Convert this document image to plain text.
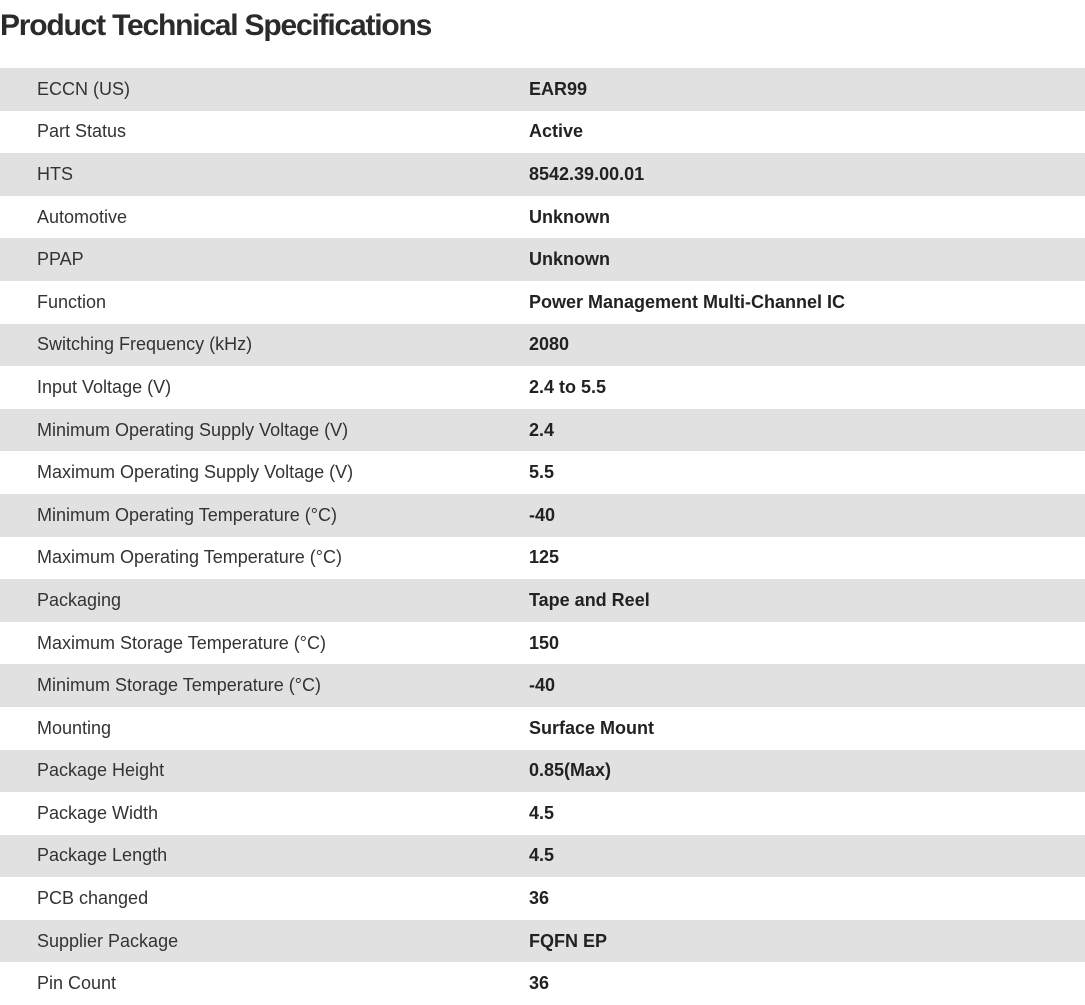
Product Technical Specifications
ECCN (US)	EAR99
Part Status	Active
HTS	8542.39.00.01
Automotive	Unknown
PPAP	Unknown
Function	Power Management Multi-Channel IC
Switching Frequency (kHz)	2080
Input Voltage (V)	2.4 to 5.5
Minimum Operating Supply Voltage (V)	2.4
Maximum Operating Supply Voltage (V)	5.5
Minimum Operating Temperature (°C)	-40
Maximum Operating Temperature (°C)	125
Packaging	Tape and Reel
Maximum Storage Temperature (°C)	150
Minimum Storage Temperature (°C)	-40
Mounting	Surface Mount
Package Height	0.85(Max)
Package Width	4.5
Package Length	4.5
PCB changed	36
Supplier Package	FQFN EP
Pin Count	36
